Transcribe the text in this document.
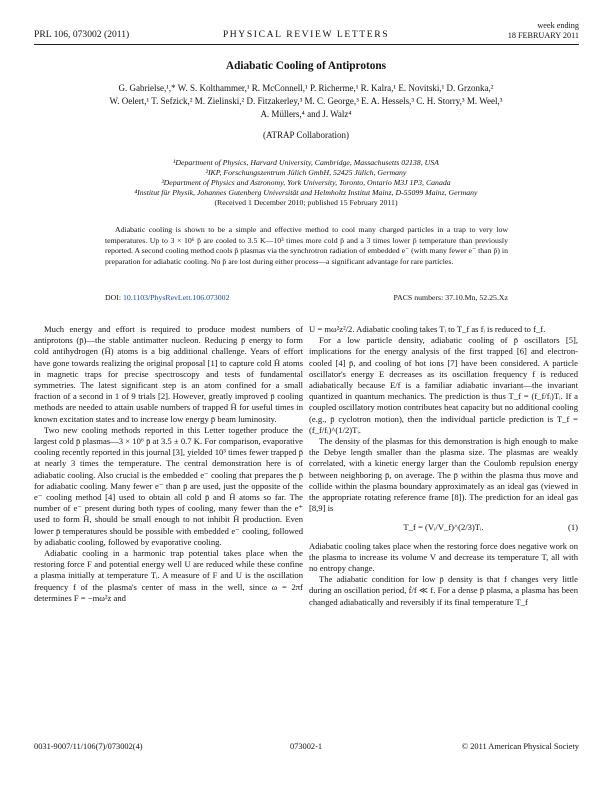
PRL 106, 073002 (2011)	PHYSICAL REVIEW LETTERS
week ending
18 FEBRUARY 2011
Adiabatic Cooling of Antiprotons
G. Gabrielse,¹,* W. S. Kolthammer,¹ R. McConnell,¹ P. Richerme,¹ R. Kalra,¹ E. Novitski,¹ D. Grzonka,²
W. Oelert,¹ T. Sefzick,² M. Zielinski,² D. Fitzakerley,³ M. C. George,³ E. A. Hessels,³ C. H. Storry,³ M. Weel,³
A. Müllers,⁴ and J. Walz⁴
(ATRAP Collaboration)
¹Department of Physics, Harvard University, Cambridge, Massachusetts 02138, USA
²IKP, Forschungszentrum Jülich GmbH, 52425 Jülich, Germany
³Department of Physics and Astronomy, York University, Toronto, Ontario M3J 1P3, Canada
⁴Institut für Physik, Johannes Gutenberg Universität and Helmholtz Institut Mainz, D-55099 Mainz, Germany
(Received 1 December 2010; published 15 February 2011)

Adiabatic cooling is shown to be a simple and effective method to cool many charged particles in a trap to very low temperatures. Up to 3 × 10⁶ p̄ are cooled to 3.5 K—10³ times more cold p̄ and a 3 times lower p̄ temperature than previously reported. A second cooling method cools p̄ plasmas via the synchrotron radiation of embedded e⁻ (with many fewer e⁻ than p̄) in preparation for adiabatic cooling. No p̄ are lost during either process—a significant advantage for rare particles.

DOI: 10.1103/PhysRevLett.106.073002	PACS numbers: 37.10.Mn, 52.25.Xz

Much energy and effort is required to produce modest numbers of antiprotons (p̄)—the stable antimatter nucleon. Reducing p̄ energy to form cold antihydrogen (H̄) atoms is a big additional challenge. Years of effort have gone towards realizing the original proposal [1] to capture cold H̄ atoms in magnetic traps for precise spectroscopy and tests of fundamental symmetries. The latest significant step is an atom confined for a small fraction of a second in 1 of 9 trials [2]. However, greatly improved p̄ cooling methods are needed to attain usable numbers of trapped H̄ for useful times in known excitation states and to increase low energy p̄ beam luminosity.

Two new cooling methods reported in this Letter together produce the largest cold p̄ plasmas—3 × 10⁶ p̄ at 3.5 ± 0.7 K. For comparison, evaporative cooling recently reported in this journal [3], yielded 10³ times fewer trapped p̄ at nearly 3 times the temperature. The central demonstration here is of adiabatic cooling. Also crucial is the embedded e⁻ cooling that prepares the p̄ for adiabatic cooling. Many fewer e⁻ than p̄ are used, just the opposite of the e⁻ cooling method [4] used to obtain all cold p̄ and H̄ atoms so far. The number of e⁻ present during both types of cooling, many fewer than the e⁺ used to form H̄, should be small enough to not inhibit H̄ production. Even lower p̄ temperatures should be possible with embedded e⁻ cooling, followed by adiabatic cooling, followed by evaporative cooling.

Adiabatic cooling in a harmonic trap potential takes place when the restoring force F and potential energy well U are reduced while these confine a plasma initially at temperature Tᵢ. A measure of F and U is the oscillation frequency f of the plasma's center of mass in the well, since ω = 2πf determines F = −mω²z and

U = mω²z²/2. Adiabatic cooling takes Tᵢ to T_f as fᵢ is reduced to f_f.

For a low particle density, adiabatic cooling of p̄ oscillators [5], implications for the energy analysis of the first trapped [6] and electron-cooled [4] p̄, and cooling of hot ions [7] have been considered. A particle oscillator's energy E decreases as its oscillation frequency f is reduced adiabatically because E/f is a familiar adiabatic invariant—the invariant quantized in quantum mechanics. The prediction is thus T_f = (f_f/fᵢ)Tᵢ. If a coupled oscillatory motion contributes heat capacity but no additional cooling (e.g., p̄ cyclotron motion), then the individual particle prediction is T_f = (f_f/fᵢ)^(1/2)Tᵢ.

The density of the plasmas for this demonstration is high enough to make the Debye length smaller than the plasma size. The plasmas are weakly correlated, with a kinetic energy larger than the Coulomb repulsion energy between neighboring p̄, on average. The p̄ within the plasma thus move and collide within the plasma boundary approximately as an ideal gas (viewed in the appropriate rotating reference frame [8]). The prediction for an ideal gas [8,9] is

T_f = (Vᵢ/V_f)^(2/3)Tᵢ.	(1)

Adiabatic cooling takes place when the restoring force does negative work on the plasma to increase its volume V and decrease its temperature T, all with no entropy change.

The adiabatic condition for low p̄ density is that f changes very little during an oscillation period, ḟ/f ≪ f. For a dense p̄ plasma, a plasma has been changed adiabatically and reversibly if its final temperature T_f

0031-9007/11/106(7)/073002(4)	073002-1	© 2011 American Physical Society
